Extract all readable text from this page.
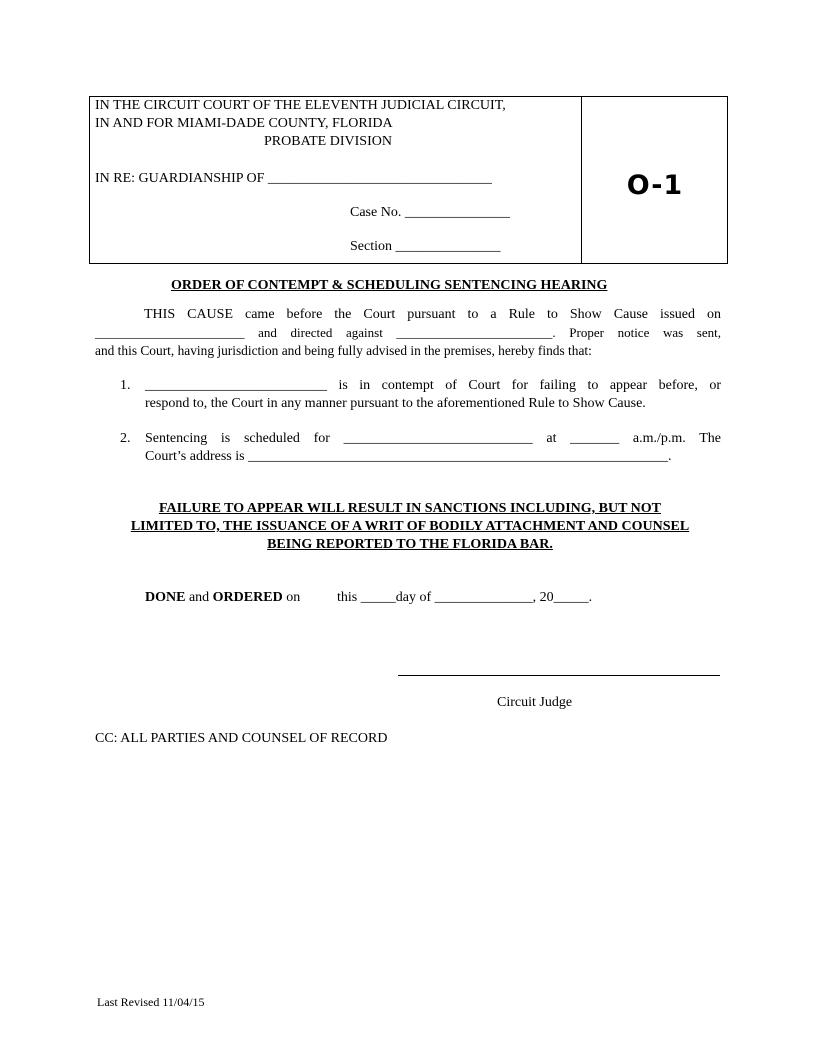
IN THE CIRCUIT COURT OF THE ELEVENTH JUDICIAL CIRCUIT,
IN AND FOR MIAMI-DADE COUNTY, FLORIDA
PROBATE DIVISION
IN RE: GUARDIANSHIP OF ________________________________
Case No. _______________
Section _______________
O-1
ORDER OF CONTEMPT & SCHEDULING SENTENCING HEARING
THIS CAUSE came before the Court pursuant to a Rule to Show Cause issued on
_______________________ and directed against ________________________. Proper notice was sent,
and this Court, having jurisdiction and being fully advised in the premises, hereby finds that:
1. __________________________ is in contempt of Court for failing to appear before, or
respond to, the Court in any manner pursuant to the aforementioned Rule to Show Cause.
2. Sentencing is scheduled for ___________________________ at _______ a.m./p.m. The
Court’s address is ____________________________________________________________.
FAILURE TO APPEAR WILL RESULT IN SANCTIONS INCLUDING, BUT NOT
LIMITED TO, THE ISSUANCE OF A WRIT OF BODILY ATTACHMENT AND COUNSEL
BEING REPORTED TO THE FLORIDA BAR.
DONE and ORDERED on	this _____day of ______________, 20_____.
Circuit Judge
CC: ALL PARTIES AND COUNSEL OF RECORD
Last Revised 11/04/15
